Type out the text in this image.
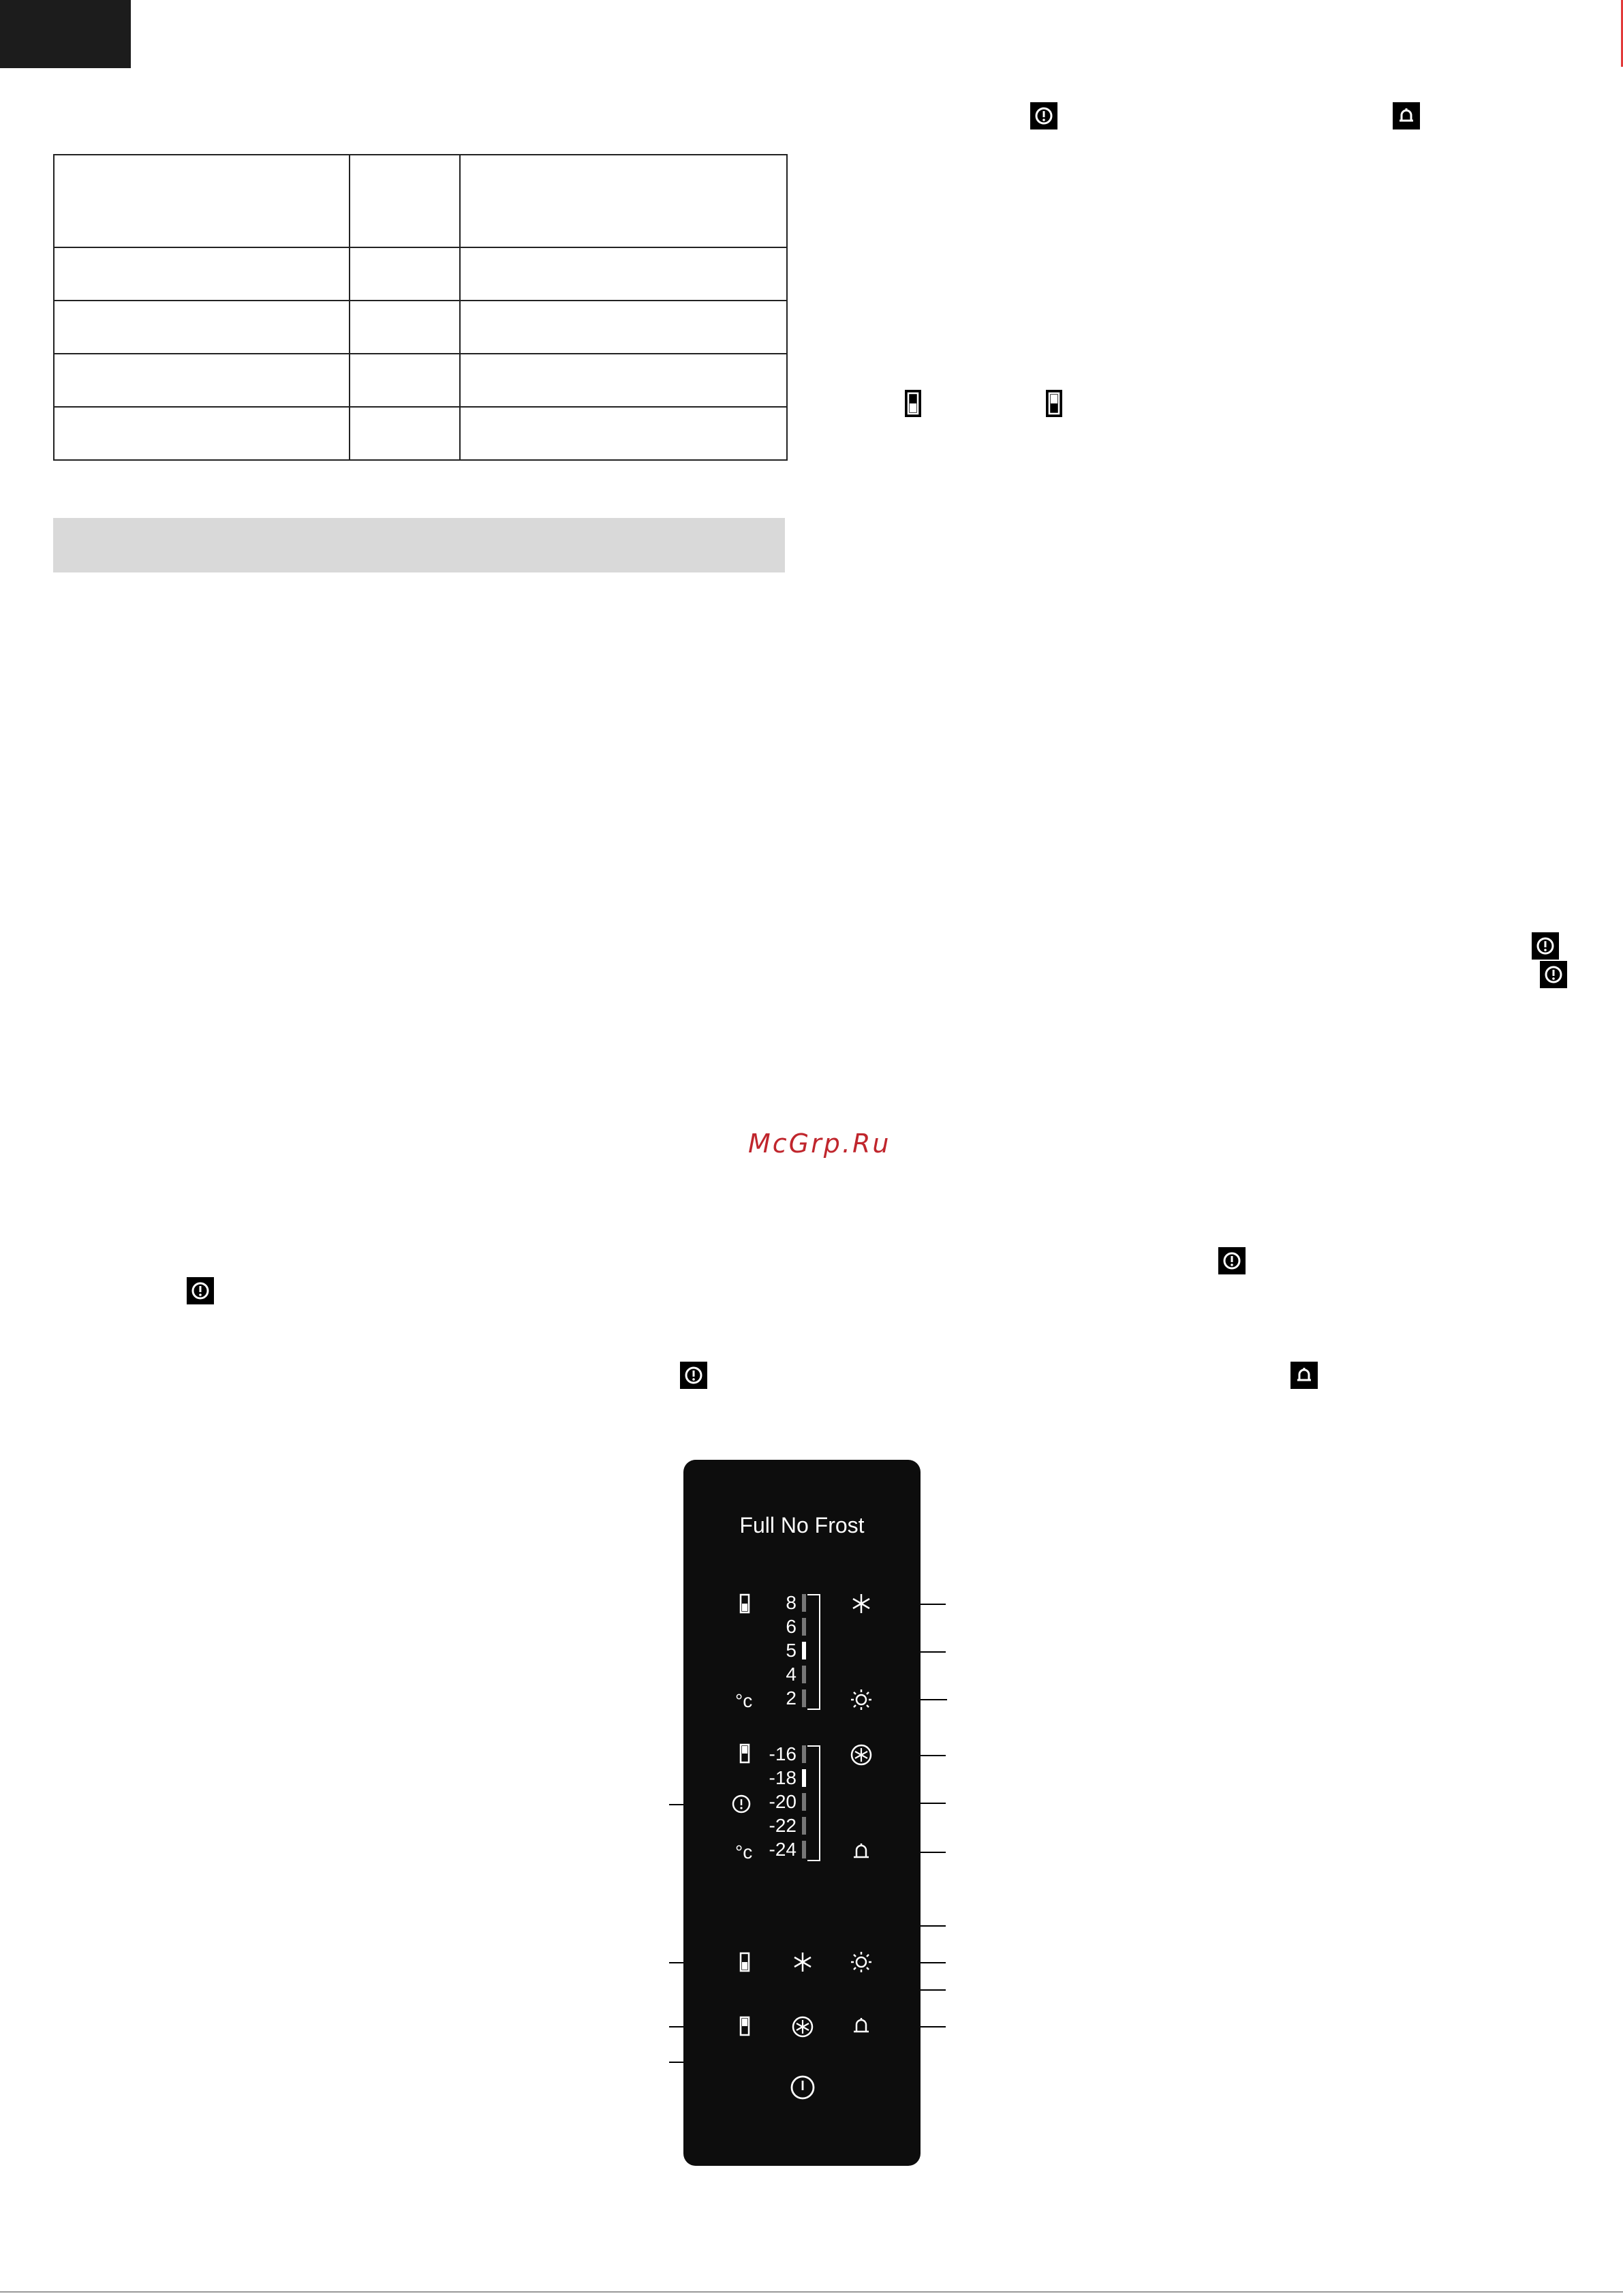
McGrp.Ru
Full No Frost
8
6
5
4
2
°c
-16
-18
-20
-22
-24
°c
